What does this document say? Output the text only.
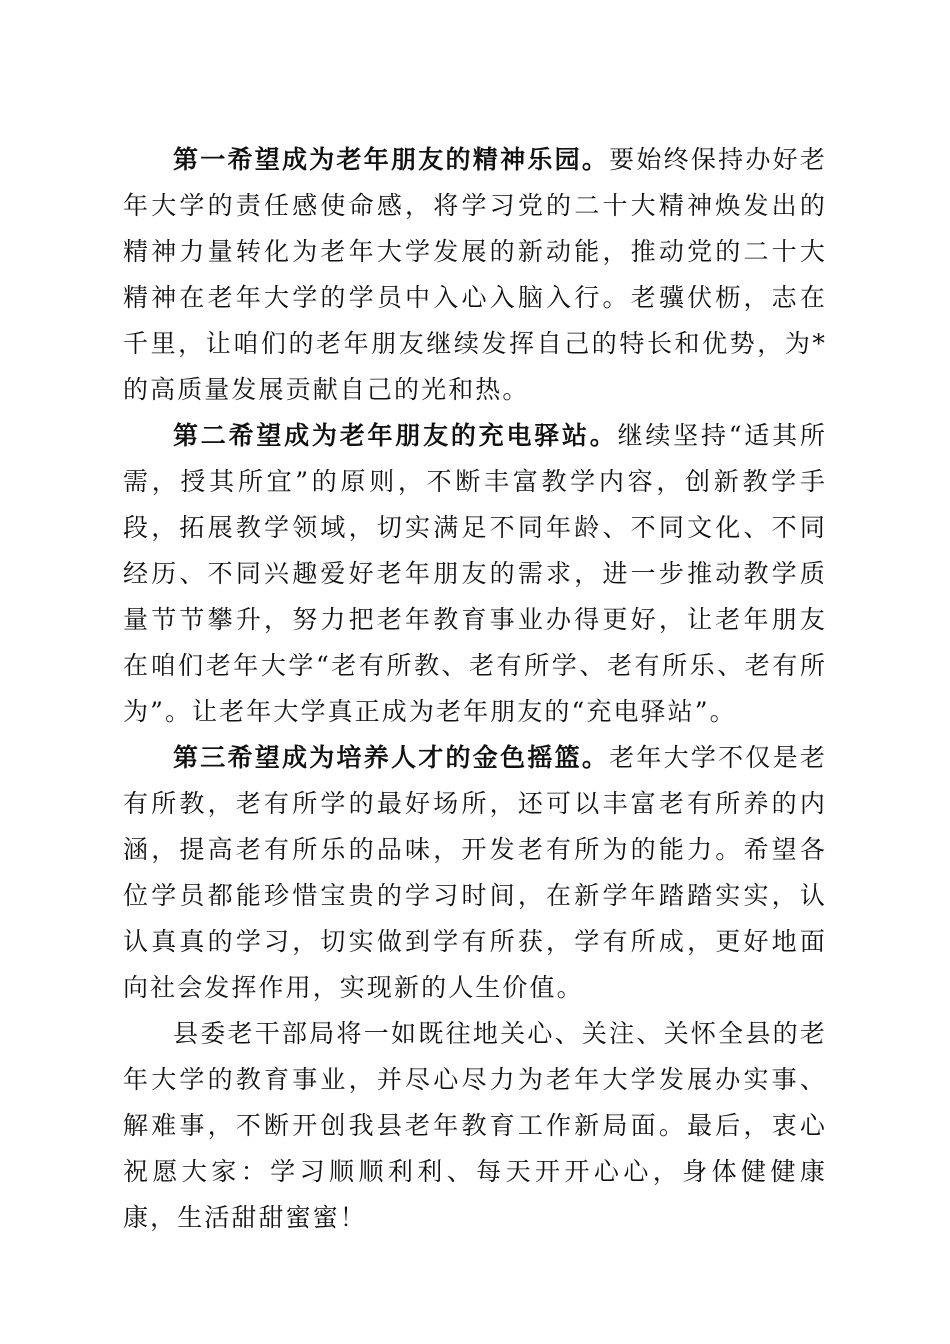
第一希望成为老年朋友的精神乐园。要始终保持办好老年大学的责任感使命感，将学习党的二十大精神焕发出的精神力量转化为老年大学发展的新动能，推动党的二十大精神在老年大学的学员中入心入脑入行。老骥伏枥，志在千里，让咱们的老年朋友继续发挥自己的特长和优势，为*的高质量发展贡献自己的光和热。

第二希望成为老年朋友的充电驿站。继续坚持“适其所需，授其所宜”的原则，不断丰富教学内容，创新教学手段，拓展教学领域，切实满足不同年龄、不同文化、不同经历、不同兴趣爱好老年朋友的需求，进一步推动教学质量节节攀升，努力把老年教育事业办得更好，让老年朋友在咱们老年大学“老有所教、老有所学、老有所乐、老有所为”。让老年大学真正成为老年朋友的“充电驿站”。

第三希望成为培养人才的金色摇篮。老年大学不仅是老有所教，老有所学的最好场所，还可以丰富老有所养的内涵，提高老有所乐的品味，开发老有所为的能力。希望各位学员都能珍惜宝贵的学习时间，在新学年踏踏实实，认认真真的学习，切实做到学有所获，学有所成，更好地面向社会发挥作用，实现新的人生价值。

县委老干部局将一如既往地关心、关注、关怀全县的老年大学的教育事业，并尽心尽力为老年大学发展办实事、解难事，不断开创我县老年教育工作新局面。最后，衷心祝愿大家：学习顺顺利利、每天开开心心，身体健健康康，生活甜甜蜜蜜！
